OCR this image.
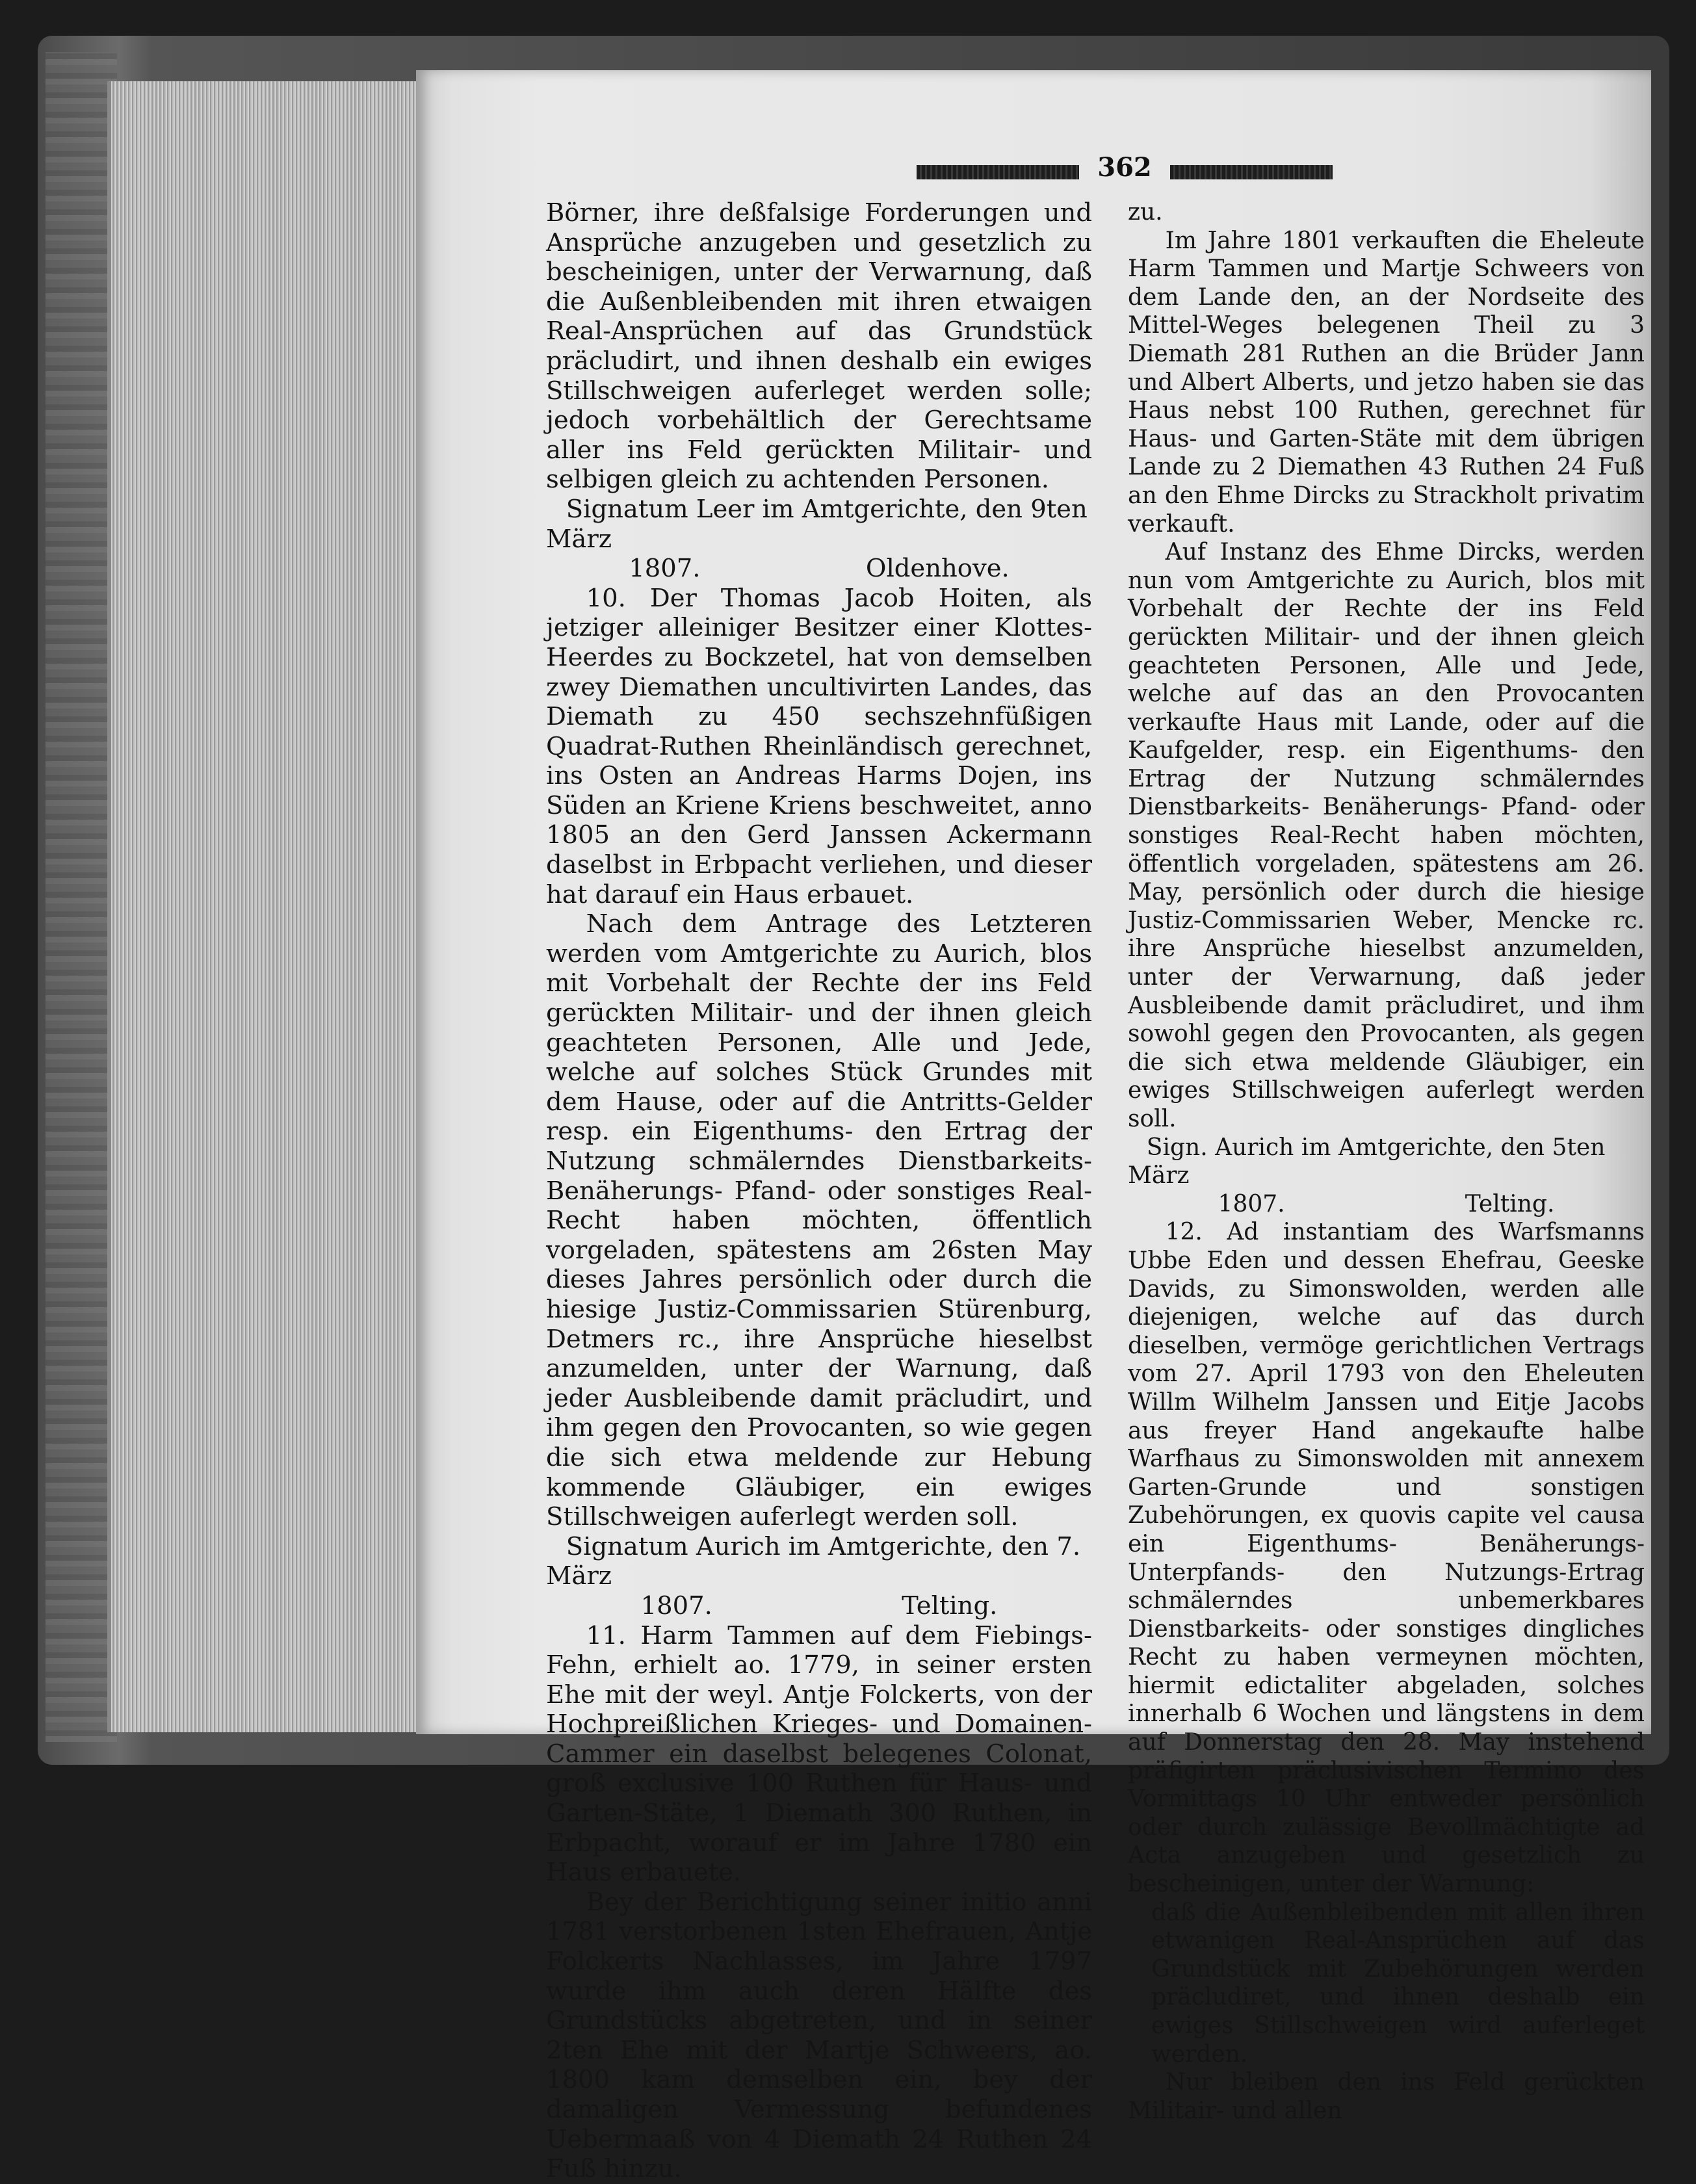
362

Börner, ihre deßfalsige Forderungen und Ansprüche anzugeben und gesetzlich zu bescheinigen, unter der Verwarnung, daß die Außenbleibenden mit ihren etwaigen Real-Ansprüchen auf das Grundstück präcludirt, und ihnen deshalb ein ewiges Stillschweigen auferleget werden solle; jedoch vorbehältlich der Gerechtsame aller ins Feld gerückten Militair- und selbigen gleich zu achtenden Personen.

Signatum Leer im Amtgerichte, den 9ten März

1807.	Oldenhove.

10. Der Thomas Jacob Hoiten, als jetziger alleiniger Besitzer einer Klottes-Heerdes zu Bockzetel, hat von demselben zwey Diemathen uncultivirten Landes, das Diemath zu 450 sechszehnfüßigen Quadrat-Ruthen Rheinländisch gerechnet, ins Osten an Andreas Harms Dojen, ins Süden an Kriene Kriens beschweitet, anno 1805 an den Gerd Janssen Ackermann daselbst in Erbpacht verliehen, und dieser hat darauf ein Haus erbauet.

Nach dem Antrage des Letzteren werden vom Amtgerichte zu Aurich, blos mit Vorbehalt der Rechte der ins Feld gerückten Militair- und der ihnen gleich geachteten Personen, Alle und Jede, welche auf solches Stück Grundes mit dem Hause, oder auf die Antritts-Gelder resp. ein Eigenthums- den Ertrag der Nutzung schmälerndes Dienstbarkeits- Benäherungs- Pfand- oder sonstiges Real-Recht haben möchten, öffentlich vorgeladen, spätestens am 26sten May dieses Jahres persönlich oder durch die hiesige Justiz-Commissarien Stürenburg, Detmers rc., ihre Ansprüche hieselbst anzumelden, unter der Warnung, daß jeder Ausbleibende damit präcludirt, und ihm gegen den Provocanten, so wie gegen die sich etwa meldende zur Hebung kommende Gläubiger, ein ewiges Stillschweigen auferlegt werden soll.

Signatum Aurich im Amtgerichte, den 7. März

1807.	Telting.

11. Harm Tammen auf dem Fiebings-Fehn, erhielt ao. 1779, in seiner ersten Ehe mit der weyl. Antje Folckerts, von der Hochpreißlichen Krieges- und Domainen-Cammer ein daselbst belegenes Colonat, groß exclusive 100 Ruthen für Haus- und Garten-Stäte, 1 Diemath 300 Ruthen, in Erbpacht, worauf er im Jahre 1780 ein Haus erbauete.

Bey der Berichtigung seiner initio anni 1781 verstorbenen 1sten Ehefrauen, Antje Folckerts Nachlasses, im Jahre 1797 wurde ihm auch deren Hälfte des Grundstücks abgetreten, und in seiner 2ten Ehe mit der Martje Schweers, ao. 1800 kam demselben ein, bey der damaligen Vermessung befundenes Uebermaaß von 4 Diemath 24 Ruthen 24 Fuß hinzu.

zu.

Im Jahre 1801 verkauften die Eheleute Harm Tammen und Martje Schweers von dem Lande den, an der Nordseite des Mittel-Weges belegenen Theil zu 3 Diemath 281 Ruthen an die Brüder Jann und Albert Alberts, und jetzo haben sie das Haus nebst 100 Ruthen, gerechnet für Haus- und Garten-Stäte mit dem übrigen Lande zu 2 Diemathen 43 Ruthen 24 Fuß an den Ehme Dircks zu Strackholt privatim verkauft.

Auf Instanz des Ehme Dircks, werden nun vom Amtgerichte zu Aurich, blos mit Vorbehalt der Rechte der ins Feld gerückten Militair- und der ihnen gleich geachteten Personen, Alle und Jede, welche auf das an den Provocanten verkaufte Haus mit Lande, oder auf die Kaufgelder, resp. ein Eigenthums- den Ertrag der Nutzung schmälerndes Dienstbarkeits- Benäherungs- Pfand- oder sonstiges Real-Recht haben möchten, öffentlich vorgeladen, spätestens am 26. May, persönlich oder durch die hiesige Justiz-Commissarien Weber, Mencke rc. ihre Ansprüche hieselbst anzumelden, unter der Verwarnung, daß jeder Ausbleibende damit präcludiret, und ihm sowohl gegen den Provocanten, als gegen die sich etwa meldende Gläubiger, ein ewiges Stillschweigen auferlegt werden soll.

Sign. Aurich im Amtgerichte, den 5ten März

1807.	Telting.

12. Ad instantiam des Warfsmanns Ubbe Eden und dessen Ehefrau, Geeske Davids, zu Simonswolden, werden alle diejenigen, welche auf das durch dieselben, vermöge gerichtlichen Vertrags vom 27. April 1793 von den Eheleuten Willm Wilhelm Janssen und Eitje Jacobs aus freyer Hand angekaufte halbe Warfhaus zu Simonswolden mit annexem Garten-Grunde und sonstigen Zubehörungen, ex quovis capite vel causa ein Eigenthums- Benäherungs- Unterpfands- den Nutzungs-Ertrag schmälerndes unbemerkbares Dienstbarkeits- oder sonstiges dingliches Recht zu haben vermeynen möchten, hiermit edictaliter abgeladen, solches innerhalb 6 Wochen und längstens in dem auf Donnerstag den 28. May instehend präfigirten präclusivischen Termino des Vormittags 10 Uhr entweder persönlich oder durch zulässige Bevollmächtigte ad Acta anzugeben und gesetzlich zu bescheinigen, unter der Warnung:

daß die Außenbleibenden mit allen ihren etwanigen Real-Ansprüchen auf das Grundstück mit Zubehörungen werden präcludiret, und ihnen deshalb ein ewiges Stillschweigen wird auferleget werden.

Nur bleiben den ins Feld gerückten Militair- und allen
